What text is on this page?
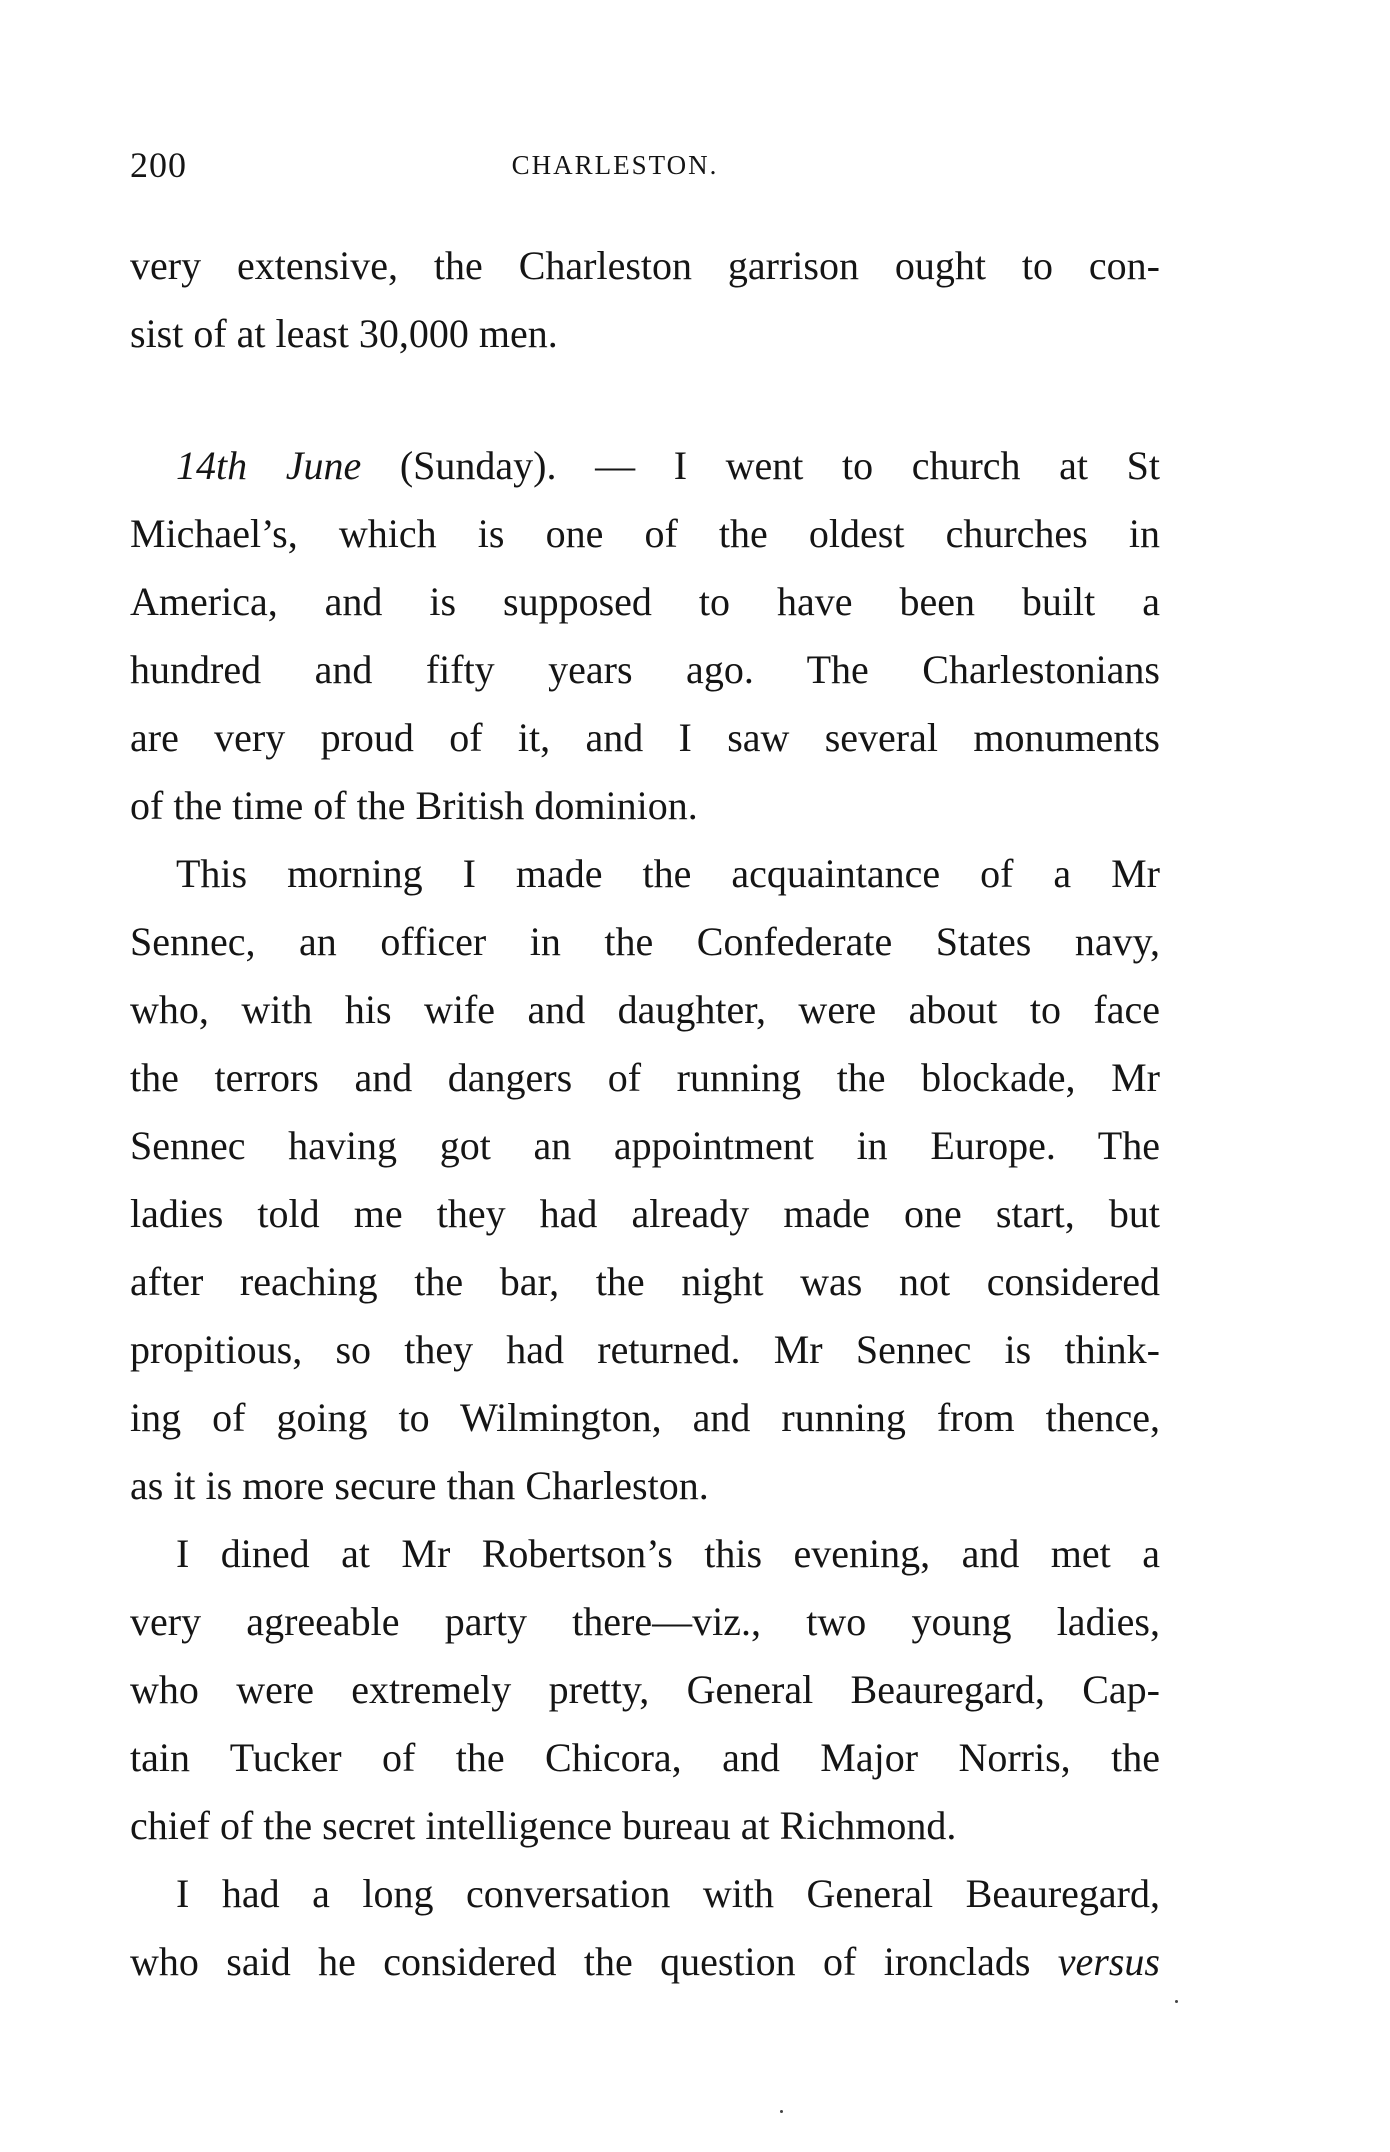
200	CHARLESTON.
very extensive, the Charleston garrison ought to con-
sist of at least 30,000 men.
14th June (Sunday). — I went to church at St
Michael’s, which is one of the oldest churches in
America, and is supposed to have been built a
hundred and fifty years ago. The Charlestonians
are very proud of it, and I saw several monuments
of the time of the British dominion.
This morning I made the acquaintance of a Mr
Sennec, an officer in the Confederate States navy,
who, with his wife and daughter, were about to face
the terrors and dangers of running the blockade, Mr
Sennec having got an appointment in Europe. The
ladies told me they had already made one start, but
after reaching the bar, the night was not considered
propitious, so they had returned. Mr Sennec is think-
ing of going to Wilmington, and running from thence,
as it is more secure than Charleston.
I dined at Mr Robertson’s this evening, and met a
very agreeable party there—viz., two young ladies,
who were extremely pretty, General Beauregard, Cap-
tain Tucker of the Chicora, and Major Norris, the
chief of the secret intelligence bureau at Richmond.
I had a long conversation with General Beauregard,
who said he considered the question of ironclads versus
